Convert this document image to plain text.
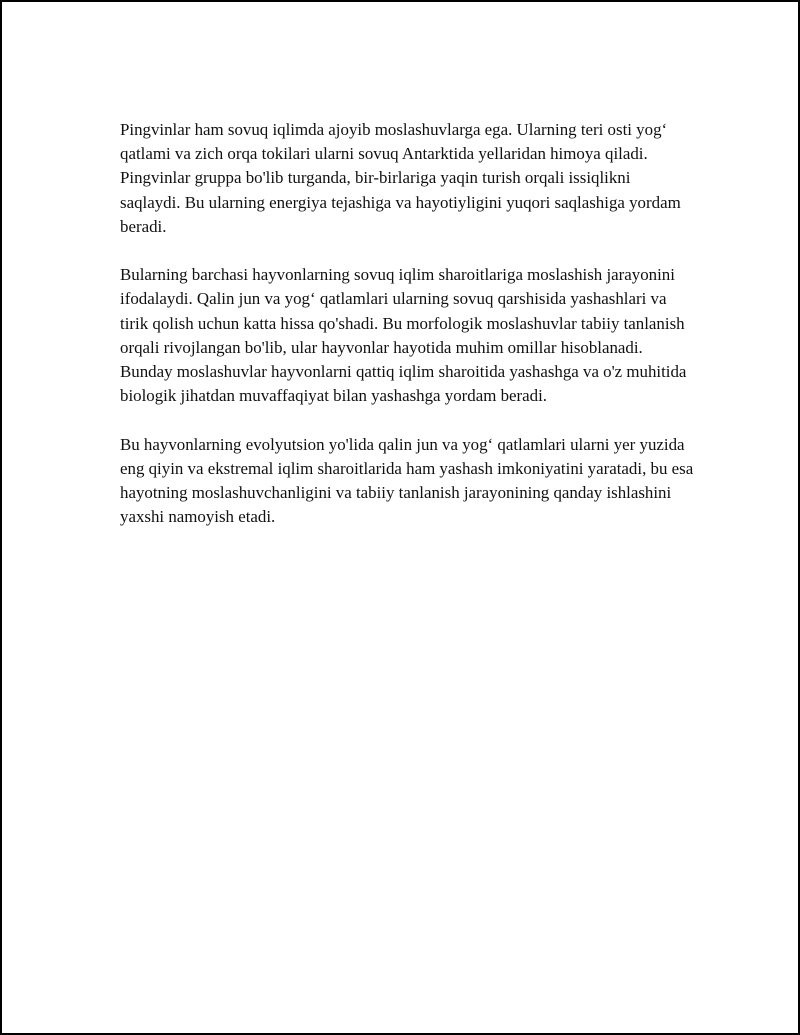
Pingvinlar ham sovuq iqlimda ajoyib moslashuvlarga ega. Ularning teri osti yog‘ qatlami va zich orqa tokilari ularni sovuq Antarktida yellaridan himoya qiladi. Pingvinlar gruppa bo'lib turganda, bir-birlariga yaqin turish orqali issiqlikni saqlaydi. Bu ularning energiya tejashiga va hayotiyligini yuqori saqlashiga yordam beradi.

Bularning barchasi hayvonlarning sovuq iqlim sharoitlariga moslashish jarayonini ifodalaydi. Qalin jun va yog‘ qatlamlari ularning sovuq qarshisida yashashlari va tirik qolish uchun katta hissa qo'shadi. Bu morfologik moslashuvlar tabiiy tanlanish orqali rivojlangan bo'lib, ular hayvonlar hayotida muhim omillar hisoblanadi. Bunday moslashuvlar hayvonlarni qattiq iqlim sharoitida yashashga va o'z muhitida biologik jihatdan muvaffaqiyat bilan yashashga yordam beradi.

Bu hayvonlarning evolyutsion yo'lida qalin jun va yog‘ qatlamlari ularni yer yuzida eng qiyin va ekstremal iqlim sharoitlarida ham yashash imkoniyatini yaratadi, bu esa hayotning moslashuvchanligini va tabiiy tanlanish jarayonining qanday ishlashini yaxshi namoyish etadi.
